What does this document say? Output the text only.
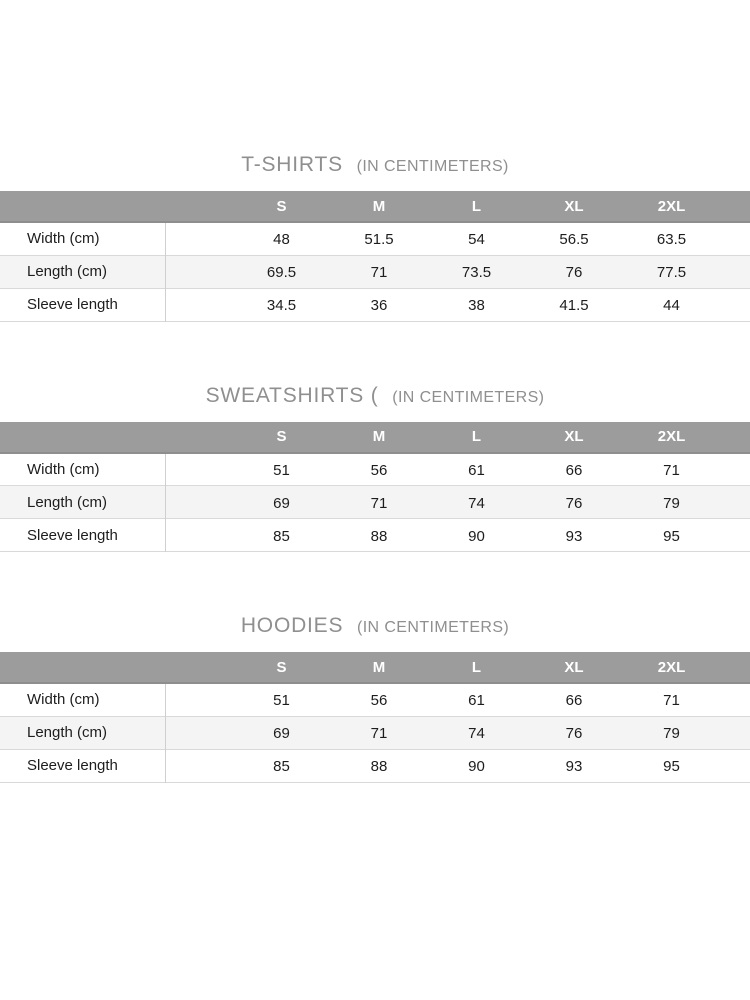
T-SHIRTS (IN CENTIMETERS)
		S	M	L	XL	2XL	
Width (cm)		48	51.5	54	56.5	63.5	
Length (cm)		69.5	71	73.5	76	77.5	
Sleeve length		34.5	36	38	41.5	44	
SWEATSHIRTS ( (IN CENTIMETERS)
		S	M	L	XL	2XL	
Width (cm)		51	56	61	66	71	
Length (cm)		69	71	74	76	79	
Sleeve length		85	88	90	93	95	
HOODIES (IN CENTIMETERS)
		S	M	L	XL	2XL	
Width (cm)		51	56	61	66	71	
Length (cm)		69	71	74	76	79	
Sleeve length		85	88	90	93	95	
